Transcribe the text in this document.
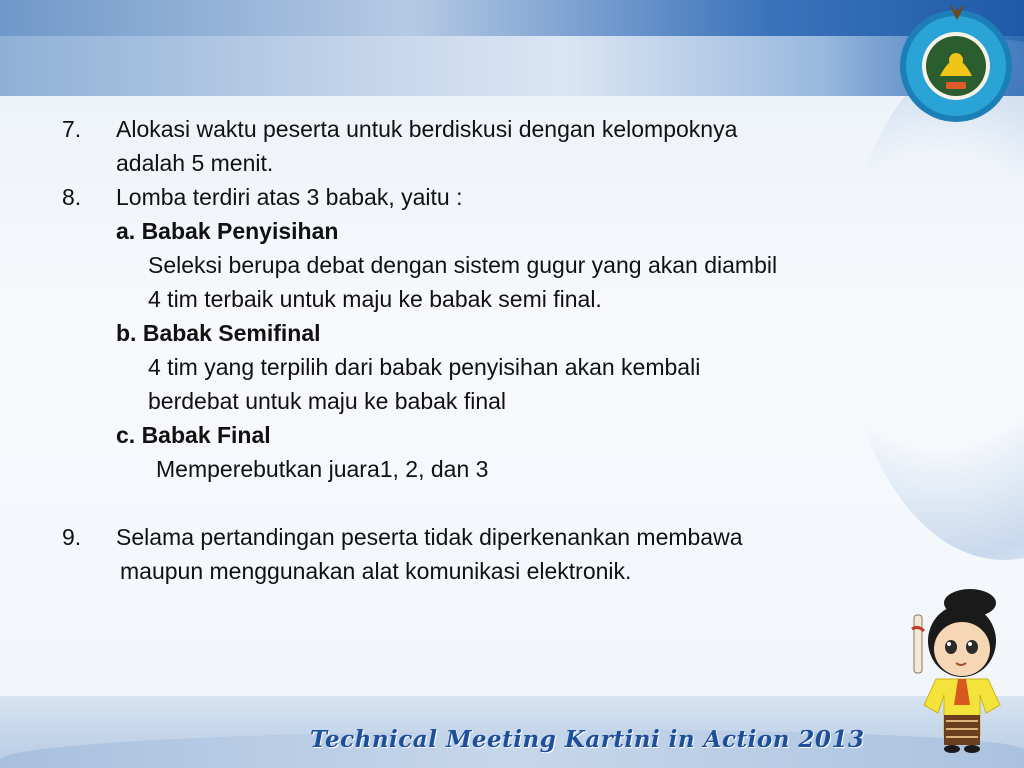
7. Alokasi waktu peserta untuk berdiskusi dengan kelompoknya
adalah 5 menit.
8. Lomba terdiri atas 3 babak, yaitu :
a. Babak Penyisihan
Seleksi berupa debat dengan sistem gugur yang akan diambil
4 tim terbaik untuk maju ke babak semi final.
b. Babak Semifinal
4 tim yang terpilih dari babak penyisihan akan kembali
berdebat untuk maju ke babak final
c. Babak Final
Memperebutkan juara1, 2, dan 3
9. Selama pertandingan peserta tidak diperkenankan membawa
maupun menggunakan alat komunikasi elektronik.
Technical Meeting Kartini in Action 2013
